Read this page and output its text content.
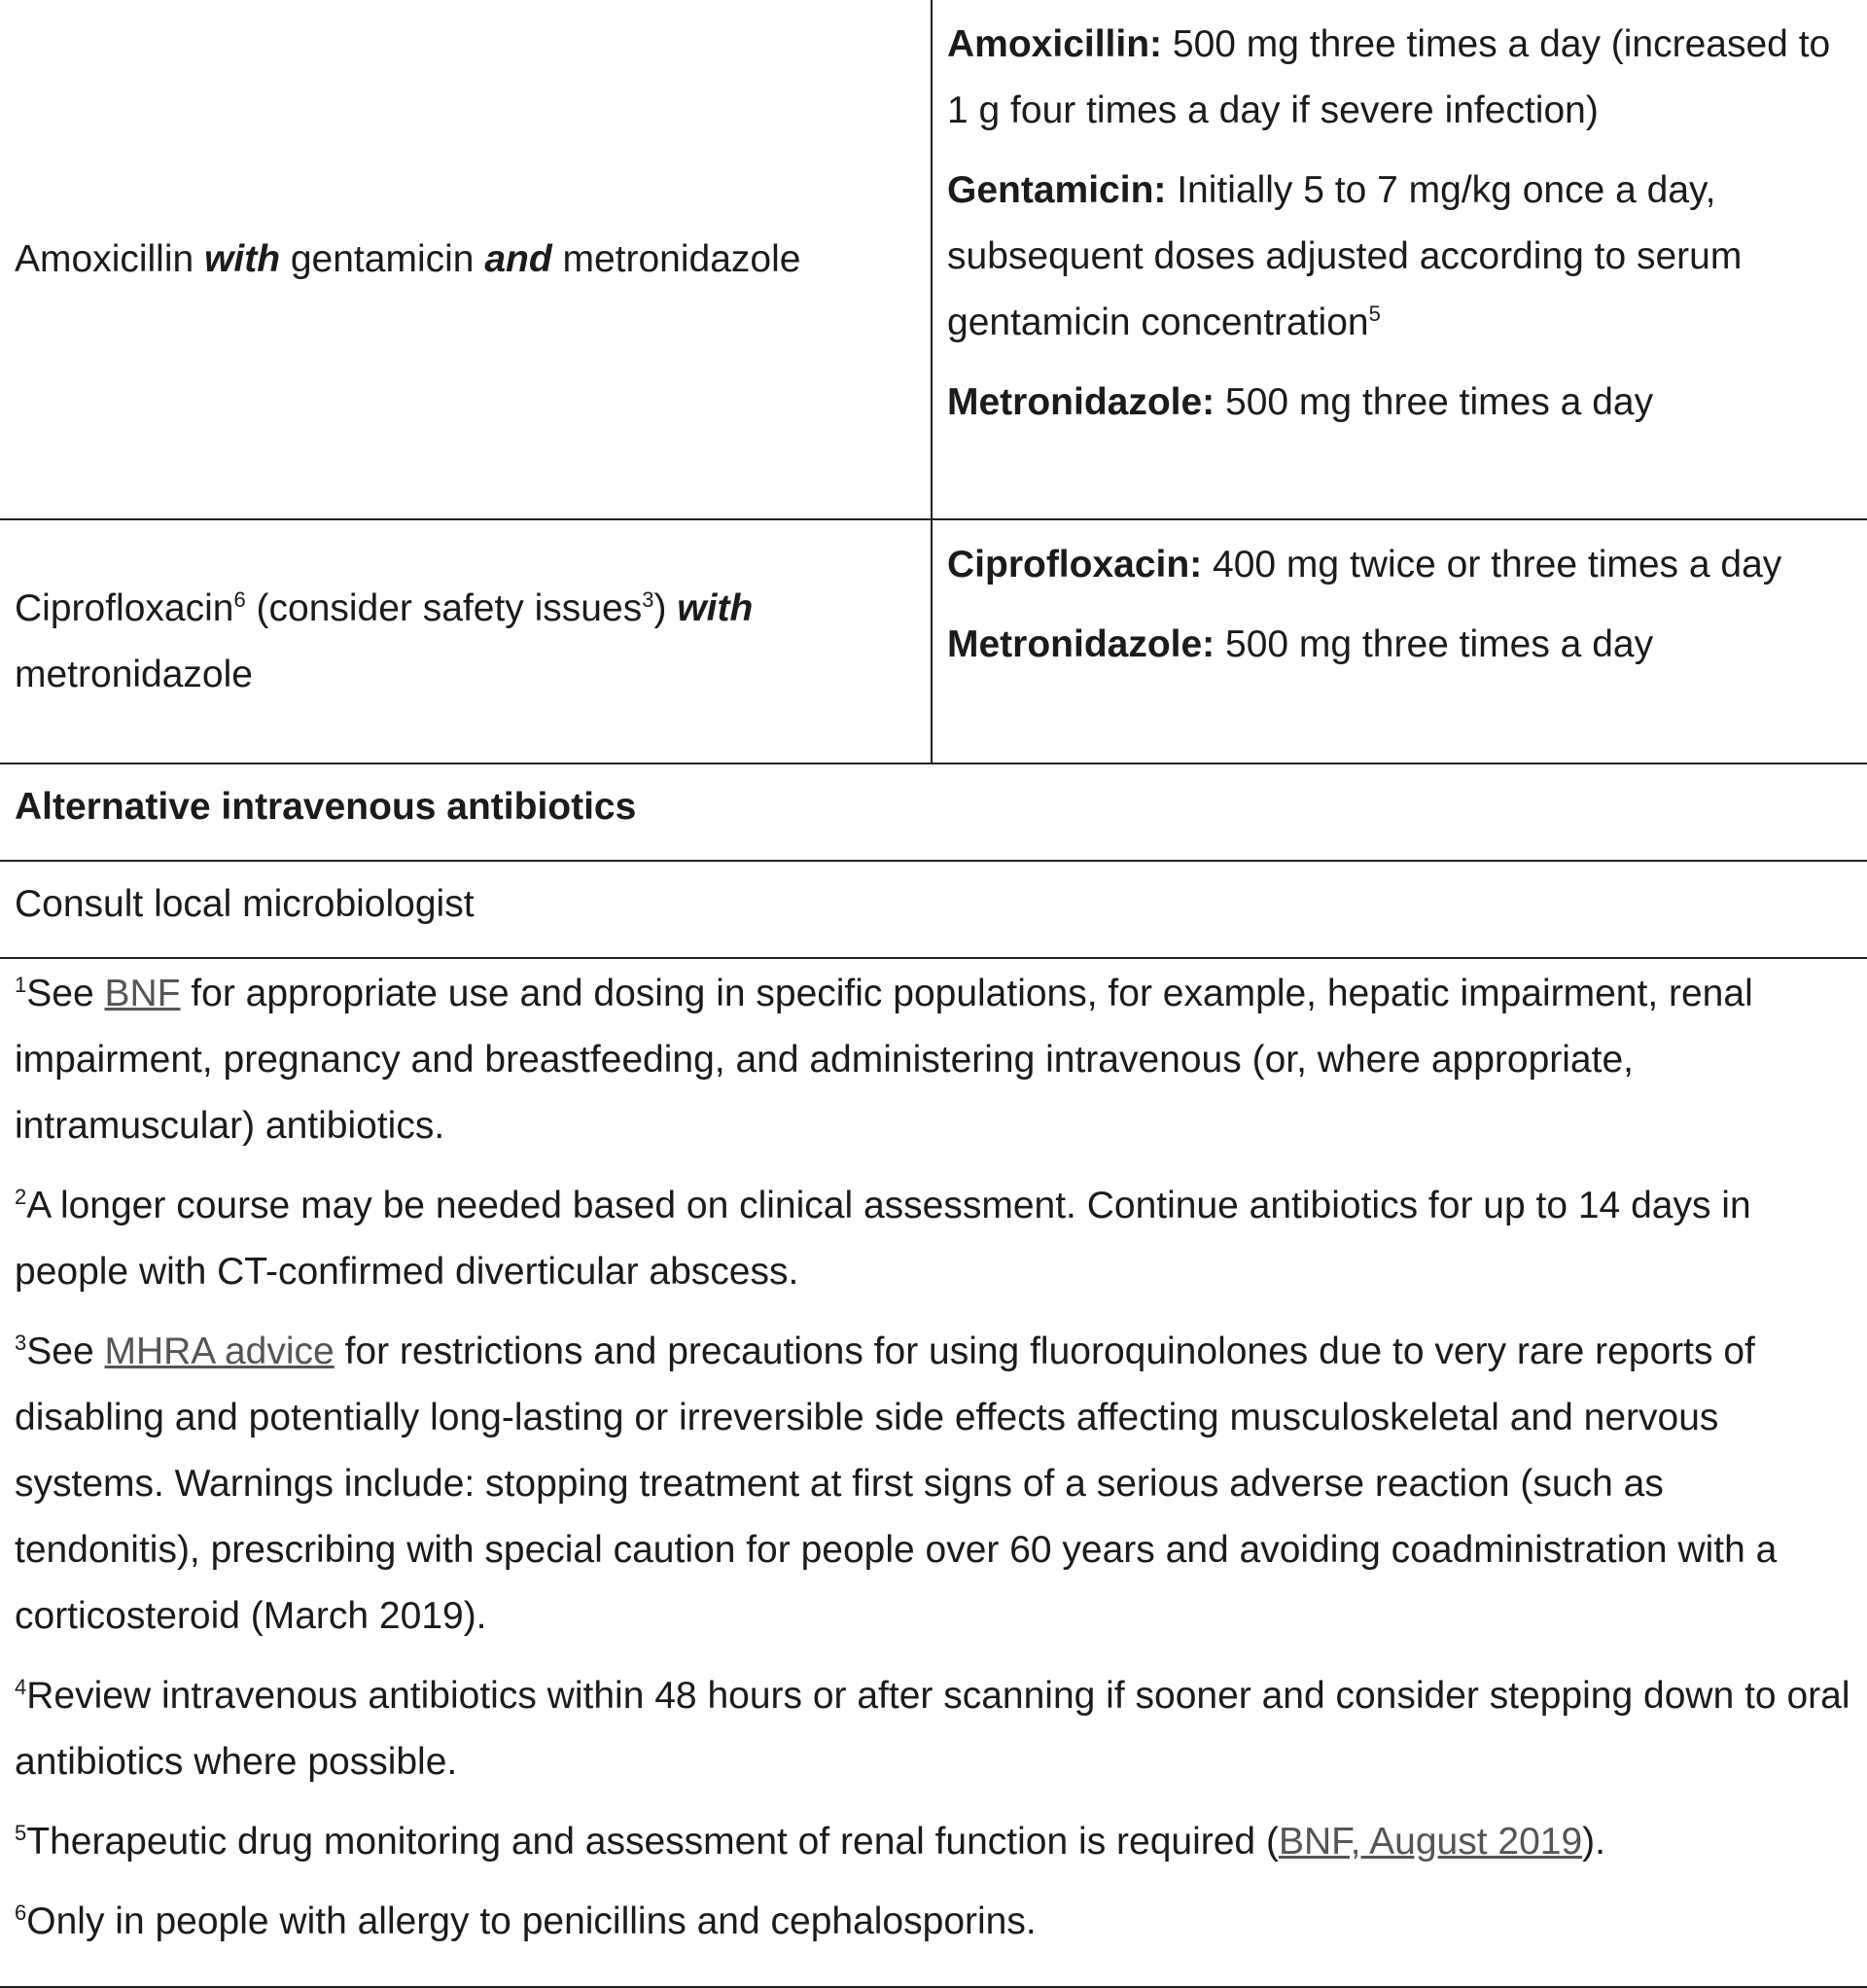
Amoxicillin with gentamicin and metronidazole

Amoxicillin: 500 mg three times a day (increased to 1 g four times a day if severe infection)

Gentamicin: Initially 5 to 7 mg/kg once a day, subsequent doses adjusted according to serum gentamicin concentration$^5$

Metronidazole: 500 mg three times a day

Ciprofloxacin$^6$ (consider safety issues$^3$) with metronidazole

Ciprofloxacin: 400 mg twice or three times a day

Metronidazole: 500 mg three times a day

Alternative intravenous antibiotics
Consult local microbiologist

$^1$See BNF for appropriate use and dosing in specific populations, for example, hepatic impairment, renal impairment, pregnancy and breastfeeding, and administering intravenous (or, where appropriate, intramuscular) antibiotics.

$^2$A longer course may be needed based on clinical assessment. Continue antibiotics for up to 14 days in people with CT-confirmed diverticular abscess.

$^3$See MHRA advice for restrictions and precautions for using fluoroquinolones due to very rare reports of disabling and potentially long-lasting or irreversible side effects affecting musculoskeletal and nervous systems. Warnings include: stopping treatment at first signs of a serious adverse reaction (such as tendonitis), prescribing with special caution for people over 60 years and avoiding coadministration with a corticosteroid (March 2019).

$^4$Review intravenous antibiotics within 48 hours or after scanning if sooner and consider stepping down to oral antibiotics where possible.

$^5$Therapeutic drug monitoring and assessment of renal function is required (BNF, August 2019).

$^6$Only in people with allergy to penicillins and cephalosporins.
